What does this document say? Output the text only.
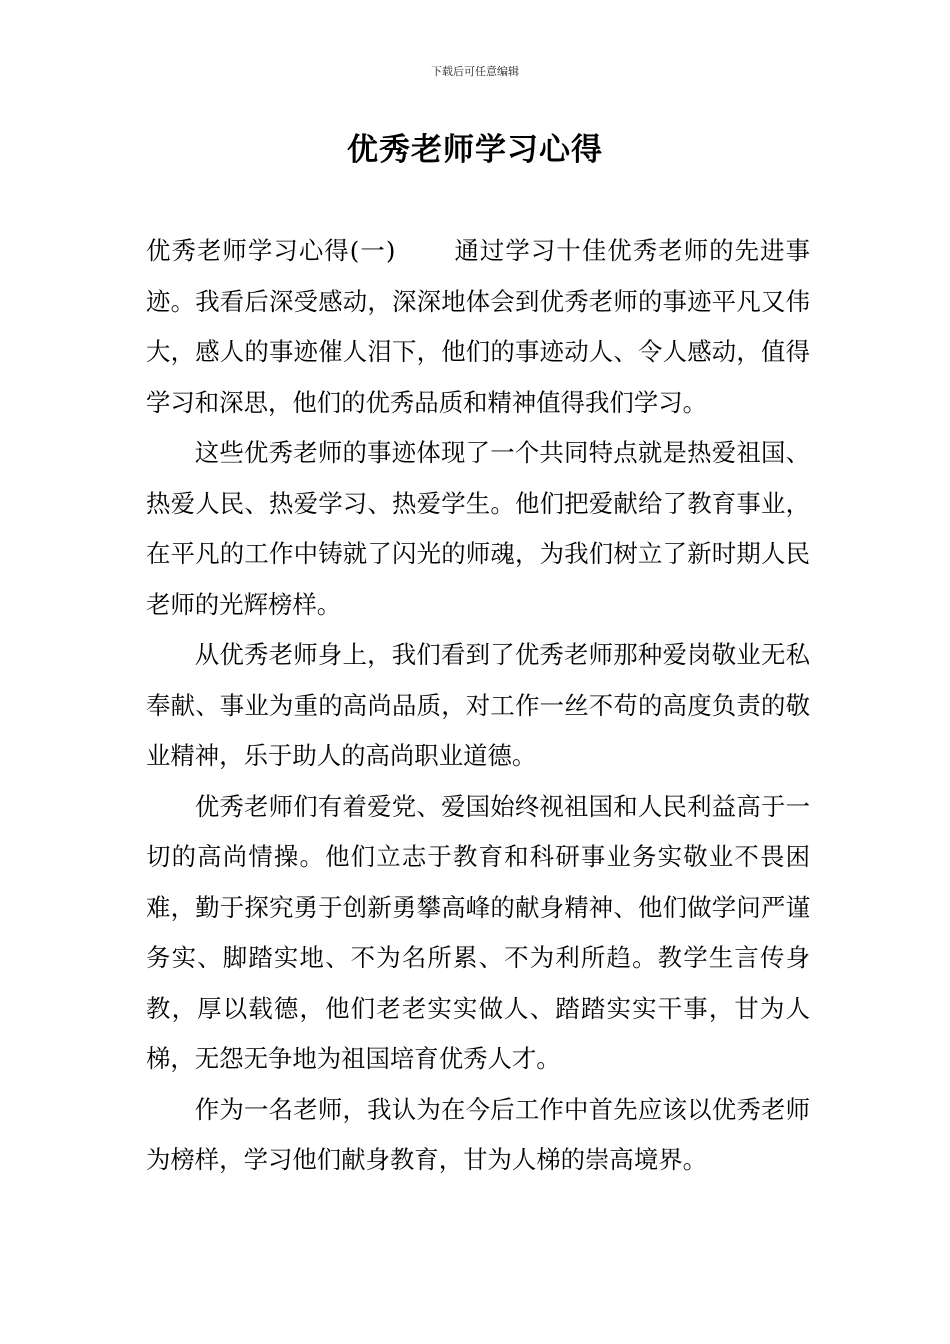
下载后可任意编辑
优秀老师学习心得

优秀老师学习心得(一) 通过学习十佳优秀老师的先进事迹。我看后深受感动，深深地体会到优秀老师的事迹平凡又伟大，感人的事迹催人泪下，他们的事迹动人、令人感动，值得学习和深思，他们的优秀品质和精神值得我们学习。

这些优秀老师的事迹体现了一个共同特点就是热爱祖国、热爱人民、热爱学习、热爱学生。他们把爱献给了教育事业，在平凡的工作中铸就了闪光的师魂，为我们树立了新时期人民老师的光辉榜样。

从优秀老师身上，我们看到了优秀老师那种爱岗敬业无私奉献、事业为重的高尚品质，对工作一丝不苟的高度负责的敬业精神，乐于助人的高尚职业道德。

优秀老师们有着爱党、爱国始终视祖国和人民利益高于一切的高尚情操。他们立志于教育和科研事业务实敬业不畏困难，勤于探究勇于创新勇攀高峰的献身精神、他们做学问严谨务实、脚踏实地、不为名所累、不为利所趋。教学生言传身教，厚以载德，他们老老实实做人、踏踏实实干事，甘为人梯，无怨无争地为祖国培育优秀人才。

作为一名老师，我认为在今后工作中首先应该以优秀老师为榜样，学习他们献身教育，甘为人梯的崇高境界。
